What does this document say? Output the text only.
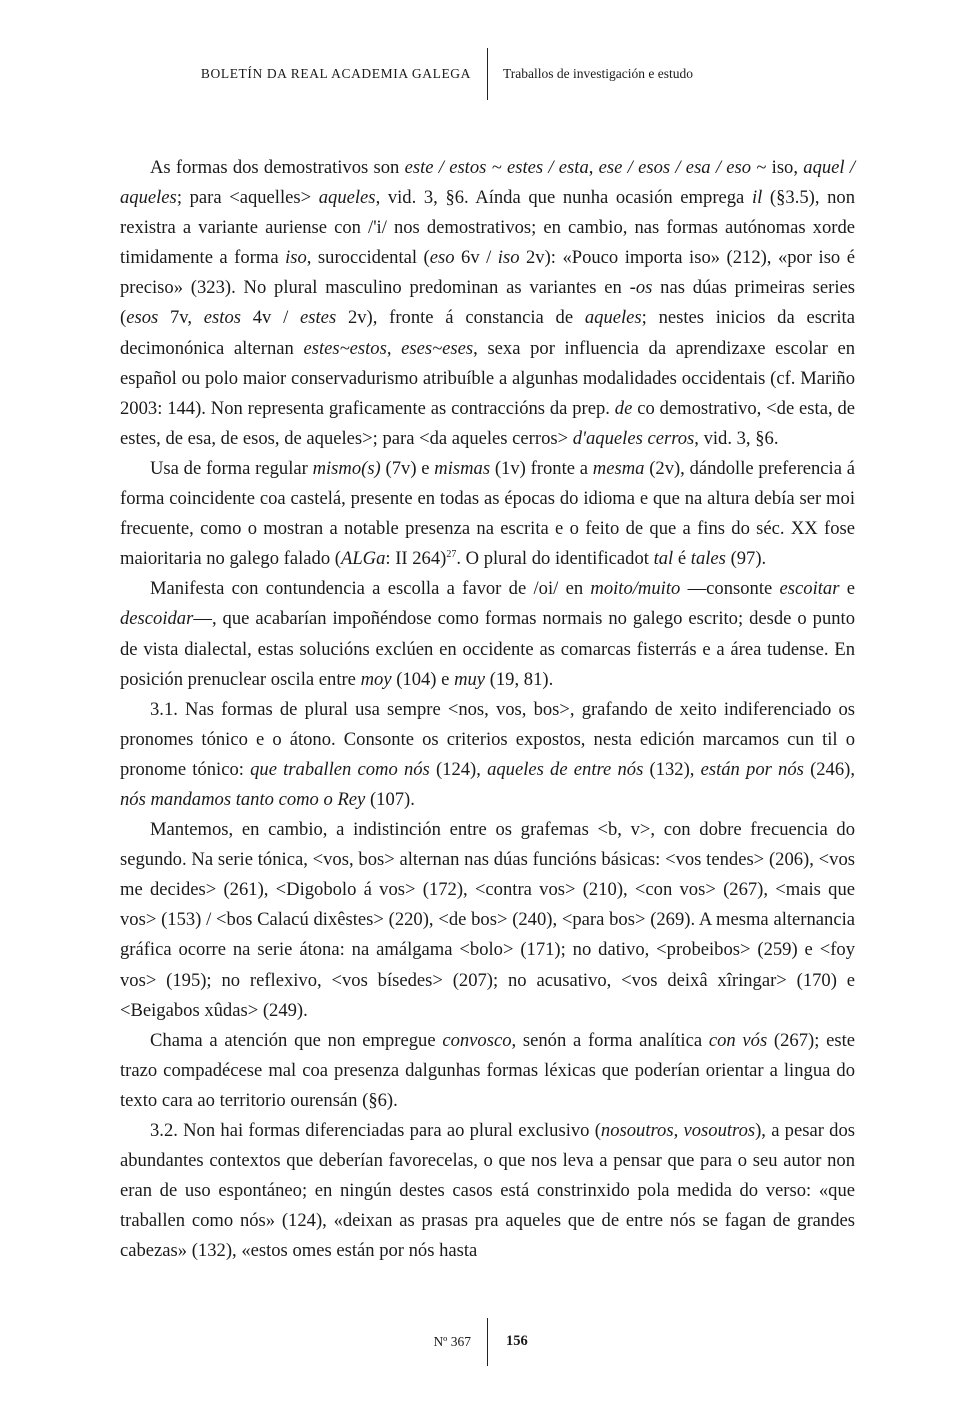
BOLETÍN DA REAL ACADEMIA GALEGA Traballos de investigación e estudo

As formas dos demostrativos son este / estos ~ estes / esta, ese / esos / esa / eso ~ iso, aquel / aqueles; para <aquelles> aqueles, vid. 3, §6. Aínda que nunha ocasión emprega il (§3.5), non rexistra a variante auriense con /'i/ nos demostrativos; en cambio, nas formas autónomas xorde timidamente a forma iso, suroccidental (eso 6v / iso 2v): «Pouco importa iso» (212), «por iso é preciso» (323). No plural masculino predominan as variantes en -os nas dúas primeiras series (esos 7v, estos 4v / estes 2v), fronte á constancia de aqueles; nestes inicios da escrita decimonónica alternan estes~estos, eses~eses, sexa por influencia da aprendizaxe escolar en español ou polo maior conservadurismo atribuíble a algunhas modalidades occidentais (cf. Mariño 2003: 144). Non representa graficamente as contraccións da prep. de co demostrativo, <de esta, de estes, de esa, de esos, de aqueles>; para <da aqueles cerros> d'aqueles cerros, vid. 3, §6.

Usa de forma regular mismo(s) (7v) e mismas (1v) fronte a mesma (2v), dándolle preferencia á forma coincidente coa castelá, presente en todas as épocas do idioma e que na altura debía ser moi frecuente, como o mostran a notable presenza na escrita e o feito de que a fins do séc. XX fose maioritaria no galego falado (ALGa: II 264)$^{27}$. O plural do identificadot tal é tales (97).

Manifesta con contundencia a escolla a favor de /oi/ en moito/muito —consonte escoitar e descoidar—, que acabarían impoñéndose como formas normais no galego escrito; desde o punto de vista dialectal, estas solucións exclúen en occidente as comarcas fisterrás e a área tudense. En posición prenuclear oscila entre moy (104) e muy (19, 81).

3.1. Nas formas de plural usa sempre <nos, vos, bos>, grafando de xeito indiferenciado os pronomes tónico e o átono. Consonte os criterios expostos, nesta edición marcamos cun til o pronome tónico: que traballen como nós (124), aqueles de entre nós (132), están por nós (246), nós mandamos tanto como o Rey (107).

Mantemos, en cambio, a indistinción entre os grafemas <b, v>, con dobre frecuencia do segundo. Na serie tónica, <vos, bos> alternan nas dúas funcións básicas: <vos tendes> (206), <vos me decides> (261), <Digobolo á vos> (172), <contra vos> (210), <con vos> (267), <mais que vos> (153) / <bos Calacú dixêstes> (220), <de bos> (240), <para bos> (269). A mesma alternancia gráfica ocorre na serie átona: na amálgama <bolo> (171); no dativo, <probeibos> (259) e <foy vos> (195); no reflexivo, <vos bísedes> (207); no acusativo, <vos deixâ xîringar> (170) e <Beigabos xûdas> (249).

Chama a atención que non empregue convosco, senón a forma analítica con vós (267); este trazo compadécese mal coa presenza dalgunhas formas léxicas que poderían orientar a lingua do texto cara ao territorio ourensán (§6).

3.2. Non hai formas diferenciadas para ao plural exclusivo (nosoutros, vosoutros), a pesar dos abundantes contextos que deberían favorecelas, o que nos leva a pensar que para o seu autor non eran de uso espontáneo; en ningún destes casos está constrinxido pola medida do verso: «que traballen como nós» (124), «deixan as prasas pra aqueles que de entre nós se fagan de grandes cabezas» (132), «estos omes están por nós hasta

Nº 367 156
